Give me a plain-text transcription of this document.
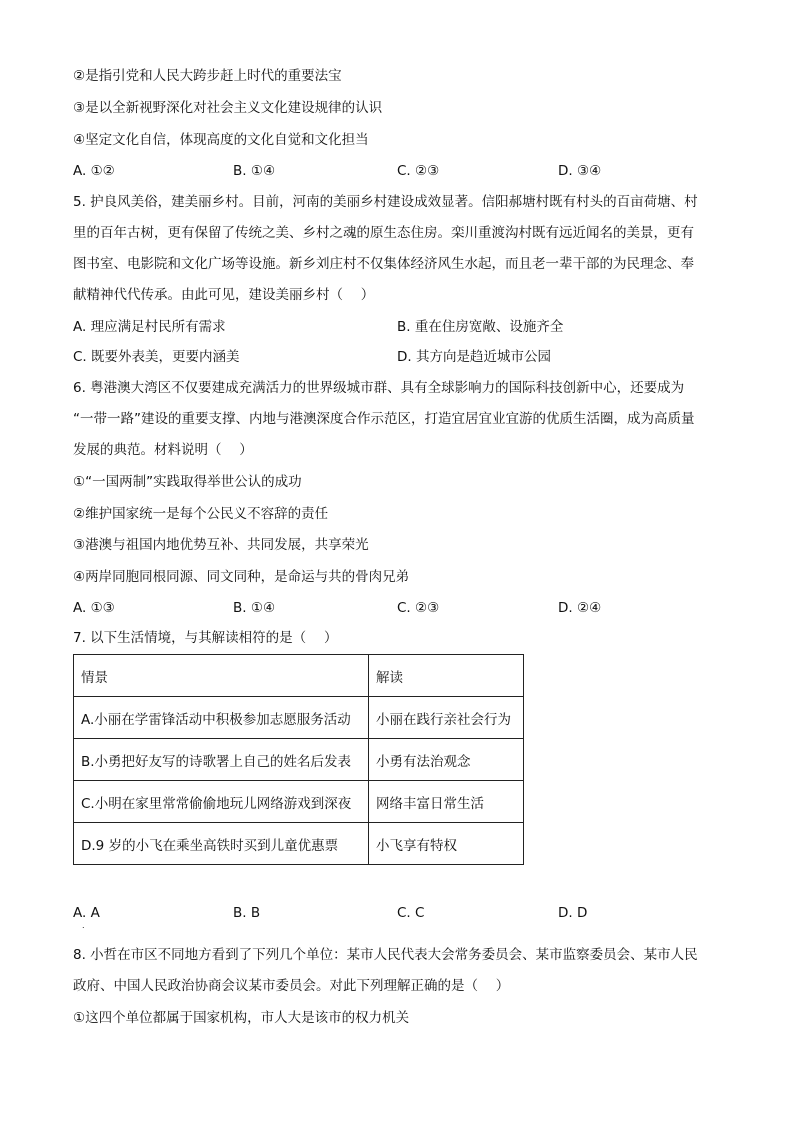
②是指引党和人民大跨步赶上时代的重要法宝
③是以全新视野深化对社会主义文化建设规律的认识
④坚定文化自信，体现高度的文化自觉和文化担当
A. ①②	B. ①④	C. ②③	D. ③④
5. 护良风美俗，建美丽乡村。目前，河南的美丽乡村建设成效显著。信阳郝塘村既有村头的百亩荷塘、村
里的百年古树，更有保留了传统之美、乡村之魂的原生态住房。栾川重渡沟村既有远近闻名的美景，更有
图书室、电影院和文化广场等设施。新乡刘庄村不仅集体经济风生水起，而且老一辈干部的为民理念、奉
献精神代代传承。由此可见，建设美丽乡村（　 ）
A. 理应满足村民所有需求	B. 重在住房宽敞、设施齐全
C. 既要外表美，更要内涵美	D. 其方向是趋近城市公园
6. 粤港澳大湾区不仅要建成充满活力的世界级城市群、具有全球影响力的国际科技创新中心，还要成为
“一带一路”建设的重要支撑、内地与港澳深度合作示范区，打造宜居宜业宜游的优质生活圈，成为高质量
发展的典范。材料说明（　 ）
①“一国两制”实践取得举世公认的成功
②维护国家统一是每个公民义不容辞的责任
③港澳与祖国内地优势互补、共同发展，共享荣光
④两岸同胞同根同源、同文同种，是命运与共的骨肉兄弟
A. ①③	B. ①④	C. ②③	D. ②④
7. 以下生活情境，与其解读相符的是（　 ）
情景	解读
A.小丽在学雷锋活动中积极参加志愿服务活动	小丽在践行亲社会行为
B.小勇把好友写的诗歌署上自己的姓名后发表	小勇有法治观念
C.小明在家里常常偷偷地玩儿网络游戏到深夜	网络丰富日常生活
D.9 岁的小飞在乘坐高铁时买到儿童优惠票	小飞享有特权
A. A	B. B	C. C	D. D
.
8. 小哲在市区不同地方看到了下列几个单位：某市人民代表大会常务委员会、某市监察委员会、某市人民
政府、中国人民政治协商会议某市委员会。对此下列理解正确的是（　 ）
①这四个单位都属于国家机构，市人大是该市的权力机关
